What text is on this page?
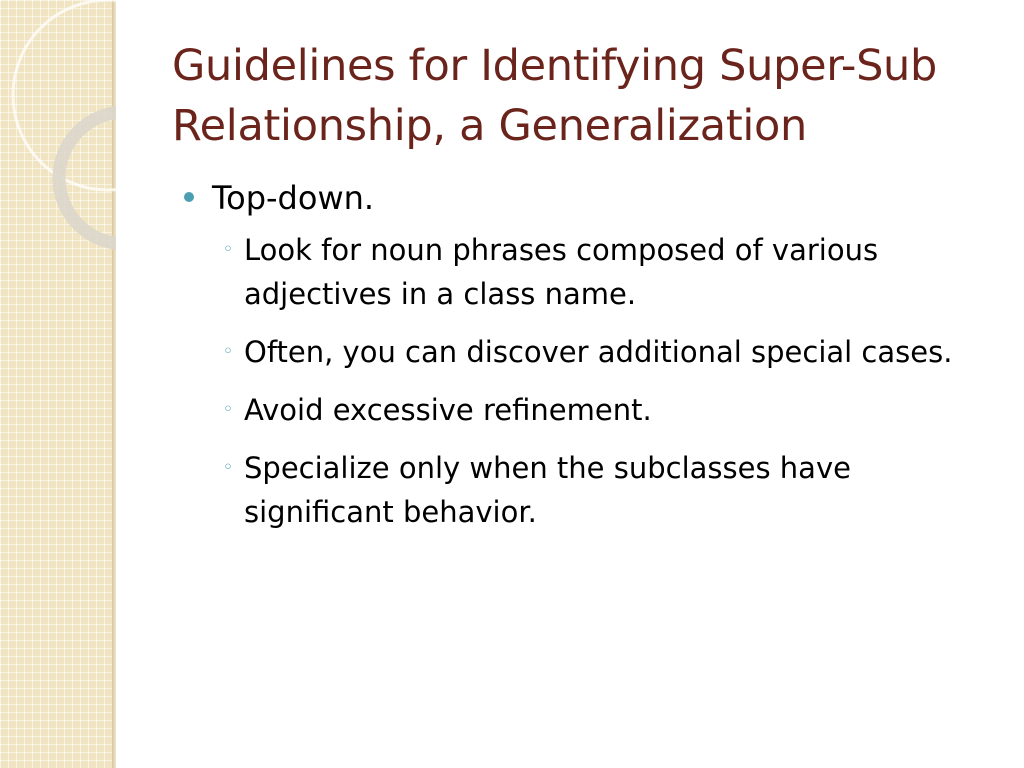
Guidelines for Identifying Super-Sub
Relationship, a Generalization
Top-down.
◦ Look for noun phrases composed of various adjectives in a class name.
◦ Often, you can discover additional special cases.
◦ Avoid excessive refinement.
◦ Specialize only when the subclasses have significant behavior.
